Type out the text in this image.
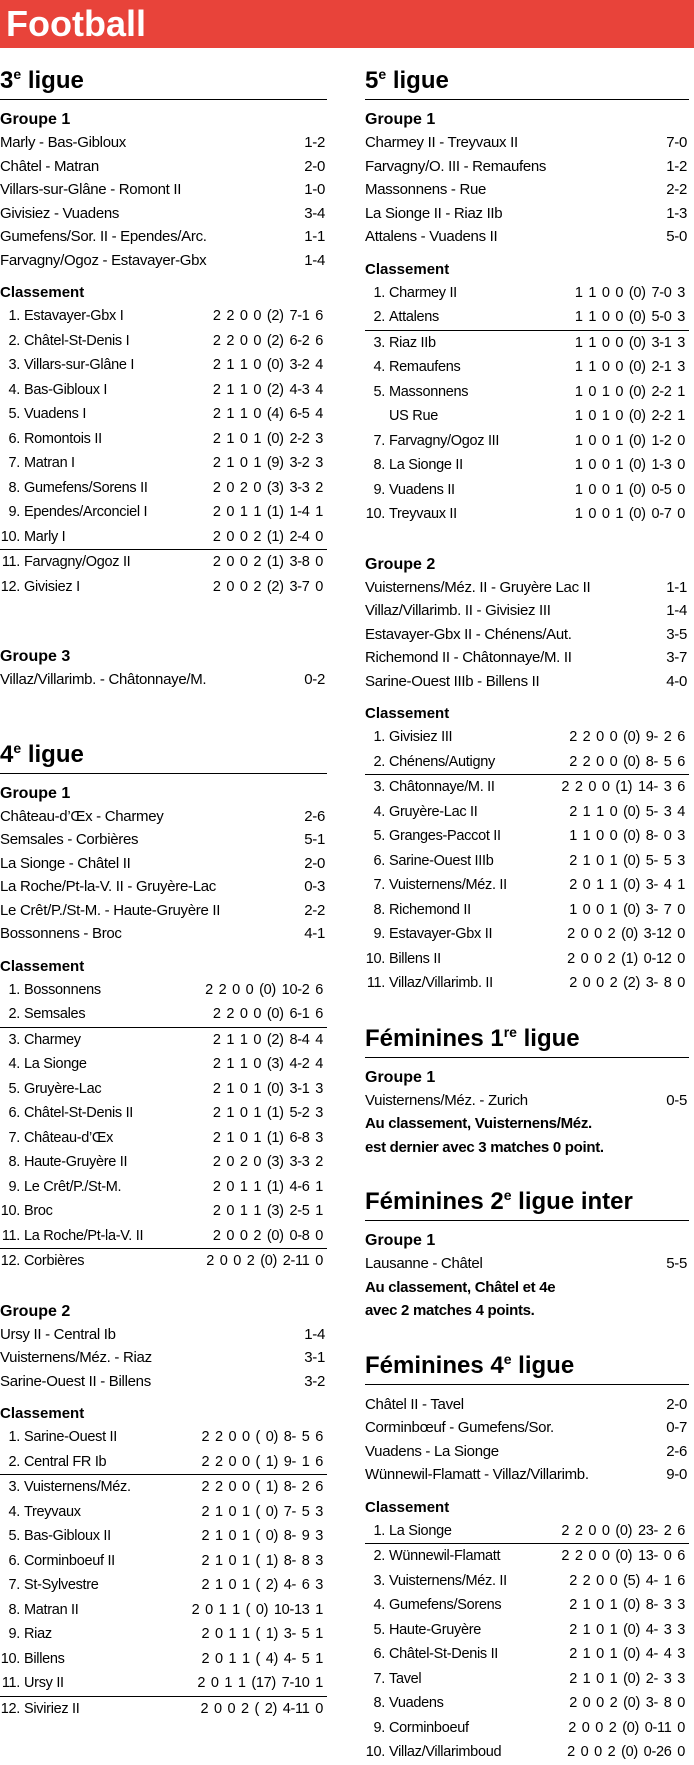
Football
3e ligue
Groupe 1
Marly - Bas-Gibloux	1-2
Châtel - Matran	2-0
Villars-sur-Glâne - Romont II	1-0
Givisiez - Vuadens	3-4
Gumefens/Sor. II - Ependes/Arc.	1-1
Farvagny/Ogoz - Estavayer-Gbx	1-4
Classement
1. Estavayer-Gbx I	2 2 0 0 (2) 7-1 6
2. Châtel-St-Denis I	2 2 0 0 (2) 6-2 6
3. Villars-sur-Glâne I	2 1 1 0 (0) 3-2 4
4. Bas-Gibloux I	2 1 1 0 (2) 4-3 4
5. Vuadens I	2 1 1 0 (4) 6-5 4
6. Romontois II	2 1 0 1 (0) 2-2 3
7. Matran I	2 1 0 1 (9) 3-2 3
8. Gumefens/Sorens II	2 0 2 0 (3) 3-3 2
9. Ependes/Arconciel I	2 0 1 1 (1) 1-4 1
10. Marly I	2 0 0 2 (1) 2-4 0
11. Farvagny/Ogoz II	2 0 0 2 (1) 3-8 0
12. Givisiez I	2 0 0 2 (2) 3-7 0
Groupe 3
Villaz/Villarimb. - Châtonnaye/M.	0-2
4e ligue
Groupe 1
Château-d’Œx - Charmey	2-6
Semsales - Corbières	5-1
La Sionge - Châtel II	2-0
La Roche/Pt-la-V. II - Gruyère-Lac	0-3
Le Crêt/P./St-M. - Haute-Gruyère II	2-2
Bossonnens - Broc	4-1
Classement
1. Bossonnens	2 2 0 0 (0) 10-2 6
2. Semsales	2 2 0 0 (0) 6-1 6
3. Charmey	2 1 1 0 (2) 8-4 4
4. La Sionge	2 1 1 0 (3) 4-2 4
5. Gruyère-Lac	2 1 0 1 (0) 3-1 3
6. Châtel-St-Denis II	2 1 0 1 (1) 5-2 3
7. Château-d’Œx	2 1 0 1 (1) 6-8 3
8. Haute-Gruyère II	2 0 2 0 (3) 3-3 2
9. Le Crêt/P./St-M.	2 0 1 1 (1) 4-6 1
10. Broc	2 0 1 1 (3) 2-5 1
11. La Roche/Pt-la-V. II	2 0 0 2 (0) 0-8 0
12. Corbières	2 0 0 2 (0) 2-11 0
Groupe 2
Ursy II - Central Ib	1-4
Vuisternens/Méz. - Riaz	3-1
Sarine-Ouest II - Billens	3-2
Classement
1. Sarine-Ouest II	2 2 0 0 ( 0) 8- 5 6
2. Central FR Ib	2 2 0 0 ( 1) 9- 1 6
3. Vuisternens/Méz.	2 2 0 0 ( 1) 8- 2 6
4. Treyvaux	2 1 0 1 ( 0) 7- 5 3
5. Bas-Gibloux II	2 1 0 1 ( 0) 8- 9 3
6. Corminboeuf II	2 1 0 1 ( 1) 8- 8 3
7. St-Sylvestre	2 1 0 1 ( 2) 4- 6 3
8. Matran II	2 0 1 1 ( 0) 10-13 1
9. Riaz	2 0 1 1 ( 1) 3- 5 1
10. Billens	2 0 1 1 ( 4) 4- 5 1
11. Ursy II	2 0 1 1 (17) 7-10 1
12. Siviriez II	2 0 0 2 ( 2) 4-11 0
5e ligue
Groupe 1
Charmey II - Treyvaux II	7-0
Farvagny/O. III - Remaufens	1-2
Massonnens - Rue	2-2
La Sionge II - Riaz IIb	1-3
Attalens - Vuadens II	5-0
Classement
1. Charmey II	1 1 0 0 (0) 7-0 3
2. Attalens	1 1 0 0 (0) 5-0 3
3. Riaz IIb	1 1 0 0 (0) 3-1 3
4. Remaufens	1 1 0 0 (0) 2-1 3
5. Massonnens	1 0 1 0 (0) 2-2 1
US Rue	1 0 1 0 (0) 2-2 1
7. Farvagny/Ogoz III	1 0 0 1 (0) 1-2 0
8. La Sionge II	1 0 0 1 (0) 1-3 0
9. Vuadens II	1 0 0 1 (0) 0-5 0
10. Treyvaux II	1 0 0 1 (0) 0-7 0
Groupe 2
Vuisternens/Méz. II - Gruyère Lac II	1-1
Villaz/Villarimb. II - Givisiez III	1-4
Estavayer-Gbx II - Chénens/Aut.	3-5
Richemond II - Châtonnaye/M. II	3-7
Sarine-Ouest IIIb - Billens II	4-0
Classement
1. Givisiez III	2 2 0 0 (0) 9- 2 6
2. Chénens/Autigny	2 2 0 0 (0) 8- 5 6
3. Châtonnaye/M. II	2 2 0 0 (1) 14- 3 6
4. Gruyère-Lac II	2 1 1 0 (0) 5- 3 4
5. Granges-Paccot II	1 1 0 0 (0) 8- 0 3
6. Sarine-Ouest IIIb	2 1 0 1 (0) 5- 5 3
7. Vuisternens/Méz. II	2 0 1 1 (0) 3- 4 1
8. Richemond II	1 0 0 1 (0) 3- 7 0
9. Estavayer-Gbx II	2 0 0 2 (0) 3-12 0
10. Billens II	2 0 0 2 (1) 0-12 0
11. Villaz/Villarimb. II	2 0 0 2 (2) 3- 8 0
Féminines 1re ligue
Groupe 1
Vuisternens/Méz. - Zurich	0-5
Au classement, Vuisternens/Méz.
est dernier avec 3 matches 0 point.
Féminines 2e ligue inter
Groupe 1
Lausanne - Châtel	5-5
Au classement, Châtel et 4e
avec 2 matches 4 points.
Féminines 4e ligue
Châtel II - Tavel	2-0
Corminbœuf - Gumefens/Sor.	0-7
Vuadens - La Sionge	2-6
Wünnewil-Flamatt - Villaz/Villarimb.	9-0
Classement
1. La Sionge	2 2 0 0 (0) 23- 2 6
2. Wünnewil-Flamatt	2 2 0 0 (0) 13- 0 6
3. Vuisternens/Méz. II	2 2 0 0 (5) 4- 1 6
4. Gumefens/Sorens	2 1 0 1 (0) 8- 3 3
5. Haute-Gruyère	2 1 0 1 (0) 4- 3 3
6. Châtel-St-Denis II	2 1 0 1 (0) 4- 4 3
7. Tavel	2 1 0 1 (0) 2- 3 3
8. Vuadens	2 0 0 2 (0) 3- 8 0
9. Corminboeuf	2 0 0 2 (0) 0-11 0
10. Villaz/Villarimboud	2 0 0 2 (0) 0-26 0
